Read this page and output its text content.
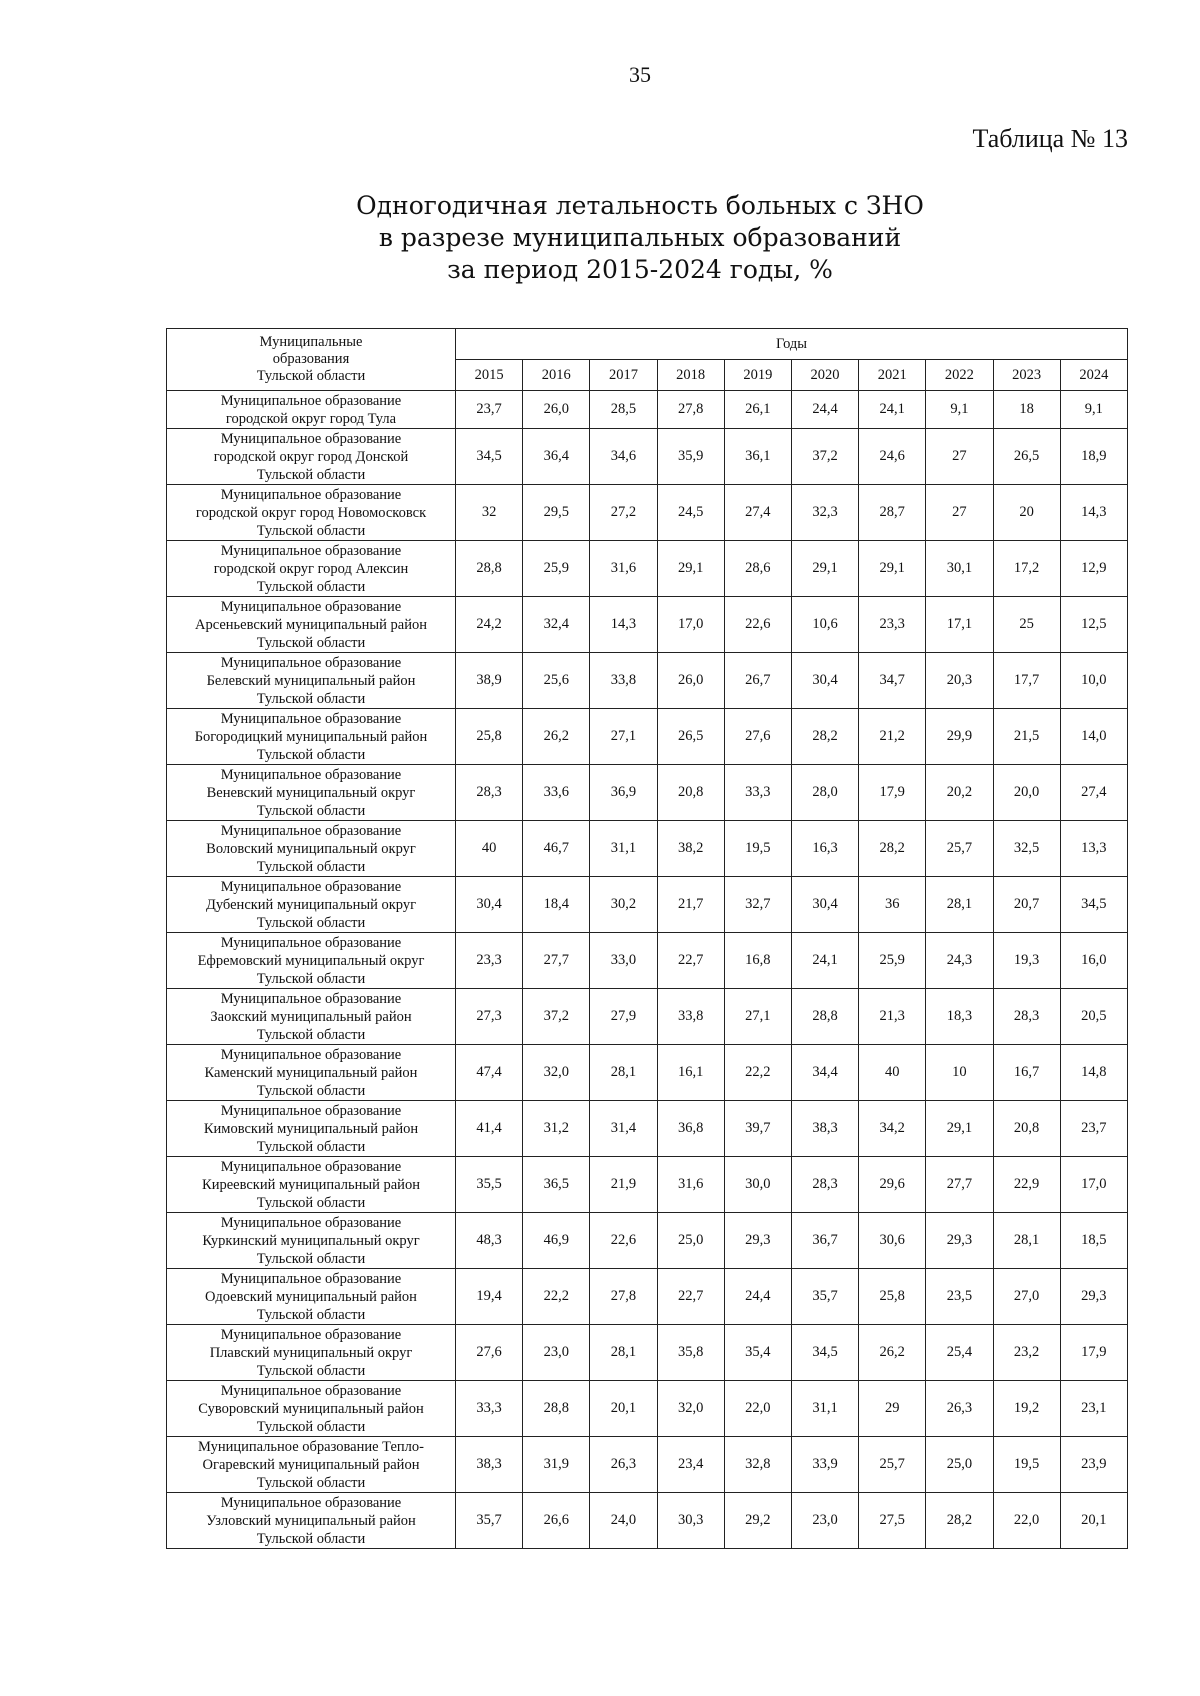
35
Таблица № 13
Одногодичная летальность больных с ЗНО
в разрезе муниципальных образований
за период 2015-2024 годы, %
Муниципальные
образования
Тульской области	Годы									
	2015	2016	2017	2018	2019	2020	2021	2022	2023	2024

Муниципальное образование
городской округ город Тула	23,7	26,0	28,5	27,8	26,1	24,4	24,1	9,1	18	9,1

Муниципальное образование
городской округ город Донской
Тульской области	34,5	36,4	34,6	35,9	36,1	37,2	24,6	27	26,5	18,9

Муниципальное образование
городской округ город Новомосковск
Тульской области	32	29,5	27,2	24,5	27,4	32,3	28,7	27	20	14,3

Муниципальное образование
городской округ город Алексин
Тульской области	28,8	25,9	31,6	29,1	28,6	29,1	29,1	30,1	17,2	12,9

Муниципальное образование
Арсеньевский муниципальный район
Тульской области	24,2	32,4	14,3	17,0	22,6	10,6	23,3	17,1	25	12,5

Муниципальное образование
Белевский муниципальный район
Тульской области	38,9	25,6	33,8	26,0	26,7	30,4	34,7	20,3	17,7	10,0

Муниципальное образование
Богородицкий муниципальный район
Тульской области	25,8	26,2	27,1	26,5	27,6	28,2	21,2	29,9	21,5	14,0

Муниципальное образование
Веневский муниципальный округ
Тульской области	28,3	33,6	36,9	20,8	33,3	28,0	17,9	20,2	20,0	27,4

Муниципальное образование
Воловский муниципальный округ
Тульской области	40	46,7	31,1	38,2	19,5	16,3	28,2	25,7	32,5	13,3

Муниципальное образование
Дубенский муниципальный округ
Тульской области	30,4	18,4	30,2	21,7	32,7	30,4	36	28,1	20,7	34,5

Муниципальное образование
Ефремовский муниципальный округ
Тульской области	23,3	27,7	33,0	22,7	16,8	24,1	25,9	24,3	19,3	16,0

Муниципальное образование
Заокский муниципальный район
Тульской области	27,3	37,2	27,9	33,8	27,1	28,8	21,3	18,3	28,3	20,5

Муниципальное образование
Каменский муниципальный район
Тульской области	47,4	32,0	28,1	16,1	22,2	34,4	40	10	16,7	14,8

Муниципальное образование
Кимовский муниципальный район
Тульской области	41,4	31,2	31,4	36,8	39,7	38,3	34,2	29,1	20,8	23,7

Муниципальное образование
Киреевский муниципальный район
Тульской области	35,5	36,5	21,9	31,6	30,0	28,3	29,6	27,7	22,9	17,0

Муниципальное образование
Куркинский муниципальный округ
Тульской области	48,3	46,9	22,6	25,0	29,3	36,7	30,6	29,3	28,1	18,5

Муниципальное образование
Одоевский муниципальный район
Тульской области	19,4	22,2	27,8	22,7	24,4	35,7	25,8	23,5	27,0	29,3

Муниципальное образование
Плавский муниципальный округ
Тульской области	27,6	23,0	28,1	35,8	35,4	34,5	26,2	25,4	23,2	17,9

Муниципальное образование
Суворовский муниципальный район
Тульской области	33,3	28,8	20,1	32,0	22,0	31,1	29	26,3	19,2	23,1

Муниципальное образование Тепло-
Огаревский муниципальный район
Тульской области	38,3	31,9	26,3	23,4	32,8	33,9	25,7	25,0	19,5	23,9

Муниципальное образование
Узловский муниципальный район
Тульской области	35,7	26,6	24,0	30,3	29,2	23,0	27,5	28,2	22,0	20,1
